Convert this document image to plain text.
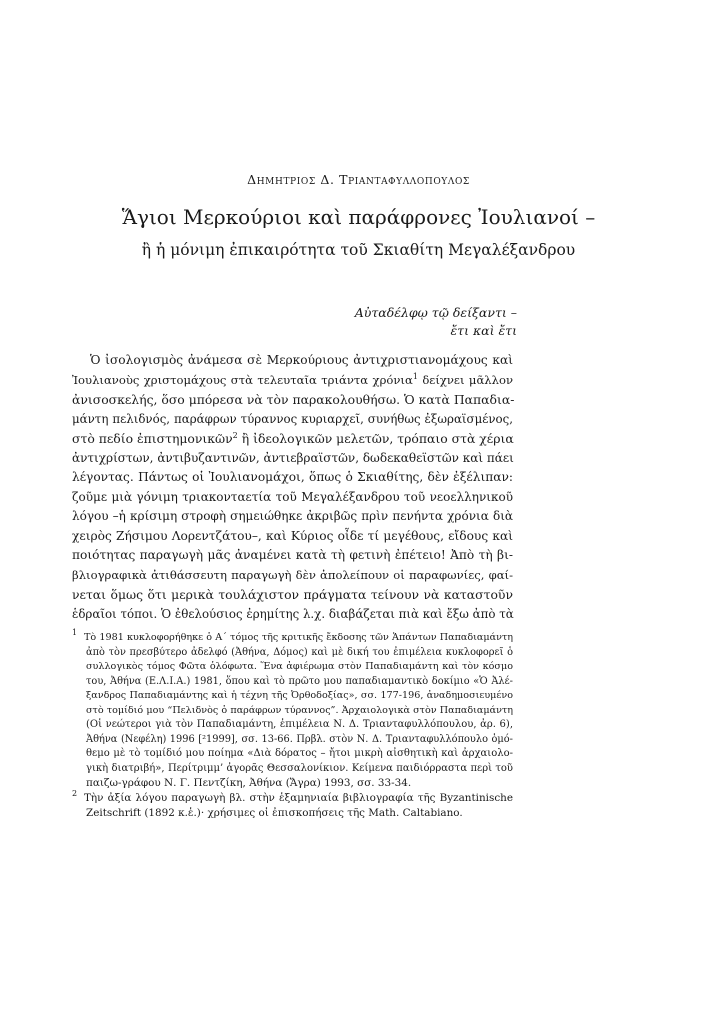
Δημητριος Δ. Τριανταφυλλοπουλος
Ἅγιοι Μερκούριοι καὶ παράφρονες Ἰουλιανοί –
ἢ ἡ μόνιμη ἐπικαιρότητα τοῦ Σκιαθίτη Μεγαλέξανδρου
Αὐταδέλφῳ τῷ δείξαντι –
ἔτι καὶ ἔτι
Ὁ ἰσολογισμὸς ἀνάμεσα σὲ Μερκούριους ἀντιχριστιανομάχους καὶ
Ἰουλιανοὺς χριστομάχους στὰ τελευταῖα τριάντα χρόνια$^1$ δείχνει μᾶλλον
ἀνισοσκελής, ὅσο μπόρεσα νὰ τὸν παρακολουθήσω. Ὁ κατὰ Παπαδια-
μάντη πελιδνός, παράφρων τύραννος κυριαρχεῖ, συνήθως ἐξωραϊσμένος,
στὸ πεδίο ἐπιστημονικῶν$^2$ ἢ ἰδεολογικῶν μελετῶν, τρόπαιο στὰ χέρια
ἀντιχρίστων, ἀντιβυζαντινῶν, ἀντιεβραϊστῶν, δωδεκαθεϊστῶν καὶ πάει
λέγοντας. Πάντως οἱ Ἰουλιανομάχοι, ὅπως ὁ Σκιαθίτης, δὲν ἐξέλιπαν:
ζοῦμε μιὰ γόνιμη τριακονταετία τοῦ Μεγαλέξανδρου τοῦ νεοελληνικοῦ
λόγου –ἡ κρίσιμη στροφὴ σημειώθηκε ἀκριβῶς πρὶν πενήντα χρόνια διὰ
χειρὸς Ζήσιμου Λορεντζάτου–, καὶ Κύριος οἶδε τί μεγέθους, εἴδους καὶ
ποιότητας παραγωγὴ μᾶς ἀναμένει κατὰ τὴ φετινὴ ἐπέτειο! Ἀπὸ τὴ βι-
βλιογραφικὰ ἀτιθάσσευτη παραγωγὴ δὲν ἀπολείπουν οἱ παραφωνίες, φαί-
νεται ὅμως ὅτι μερικὰ τουλάχιστον πράγματα τείνουν νὰ καταστοῦν
ἑδραῖοι τόποι. Ὁ ἐθελούσιος ἐρημίτης λ.χ. διαβάζεται πιὰ καὶ ἔξω ἀπὸ τὰ
$^1$ Τὸ 1981 κυκλοφορήθηκε ὁ Α΄ τόμος τῆς κριτικῆς ἔκδοσης τῶν Ἁπάντων Παπαδιαμάντη
ἀπὸ τὸν πρεσβύτερο ἀδελφό (Ἀθήνα, Δόμος) καὶ μὲ δική του ἐπιμέλεια κυκλοφορεῖ ὁ
συλλογικὸς τόμος Φῶτα ὁλόφωτα. Ἕνα ἀφιέρωμα στὸν Παπαδιαμάντη καὶ τὸν κόσμο
του, Ἀθήνα (Ε.Λ.Ι.Α.) 1981, ὅπου καὶ τὸ πρῶτο μου παπαδιαμαντικὸ δοκίμιο «Ὁ Ἀλέ-
ξανδρος Παπαδιαμάντης καὶ ἡ τέχνη τῆς Ὀρθοδοξίας», σσ. 177-196, ἀναδημοσιευμένο
στὸ τομίδιό μου “Πελιδνὸς ὁ παράφρων τύραννος”. Ἀρχαιολογικὰ στὸν Παπαδιαμάντη
(Οἱ νεώτεροι γιὰ τὸν Παπαδιαμάντη, ἐπιμέλεια Ν. Δ. Τριανταφυλλόπουλου, ἀρ. 6),
Ἀθήνα (Νεφέλη) 1996 [²1999], σσ. 13-66. Πρβλ. στὸν Ν. Δ. Τριανταφυλλόπουλο ὁμό-
θεμο μὲ τὸ τομίδιό μου ποίημα «Διὰ δόρατος – ἤτοι μικρὴ αἰσθητικὴ καὶ ἀρχαιολο-
γικὴ διατριβή», Περίτριμμ’ ἀγορᾶς Θεσσαλονίκιον. Κείμενα παιδιόρραστα περὶ τοῦ
παιζω-γράφου Ν. Γ. Πεντζίκη, Ἀθήνα (Ἄγρα) 1993, σσ. 33-34.
$^2$ Τὴν ἀξία λόγου παραγωγὴ βλ. στὴν ἑξαμηνιαία βιβλιογραφία τῆς Byzantinische
Zeitschrift (1892 κ.ἑ.)· χρήσιμες οἱ ἐπισκοπήσεις τῆς Math. Caltabiano.
